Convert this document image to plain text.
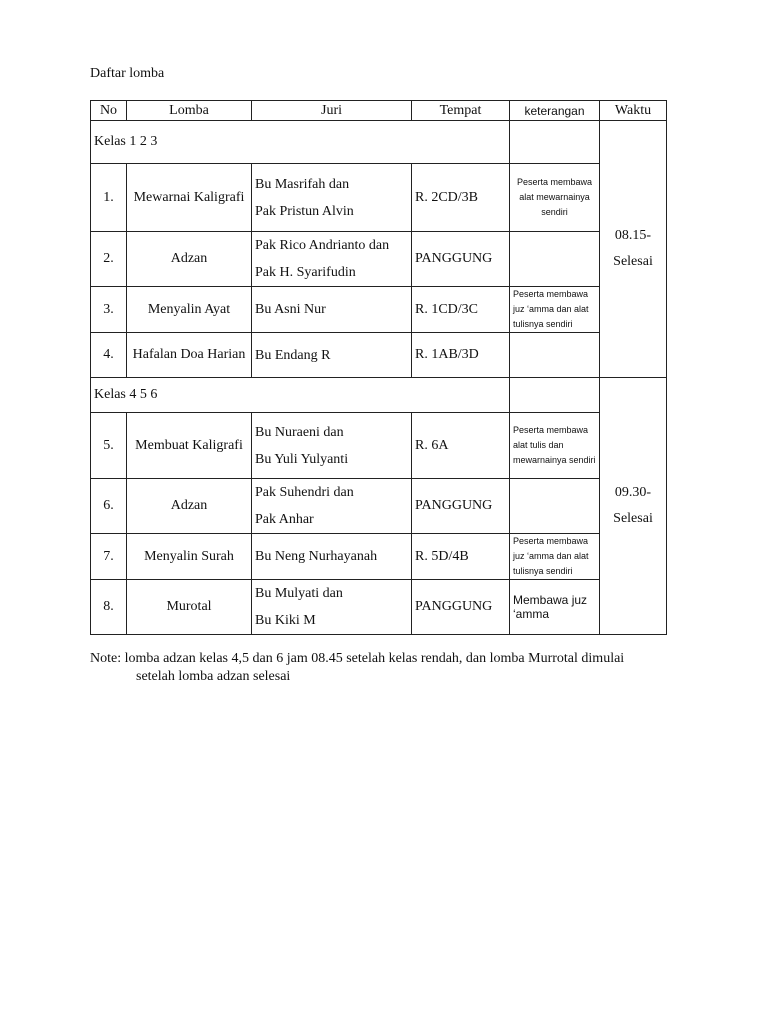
Daftar lomba
No	Lomba	Juri	Tempat	keterangan	Waktu
Kelas 1 2 3					08.15-
Selesai
1.	Mewarnai Kaligrafi	Bu Masrifah dan
Pak Pristun Alvin	R. 2CD/3B	Peserta membawa alat mewarnainya sendiri	
2.	Adzan	Pak Rico Andrianto dan
Pak H. Syarifudin	PANGGUNG		
3.	Menyalin Ayat	Bu Asni Nur	R. 1CD/3C	Peserta membawa juz ‘amma dan alat tulisnya sendiri	
4.	Hafalan Doa Harian	Bu Endang R	R. 1AB/3D		
Kelas 4 5 6					09.30-
Selesai
5.	Membuat Kaligrafi	Bu Nuraeni dan
Bu Yuli Yulyanti	R. 6A	Peserta membawa alat tulis dan mewarnainya sendiri	
6.	Adzan	Pak Suhendri dan
Pak Anhar	PANGGUNG		
7.	Menyalin Surah	Bu Neng Nurhayanah	R. 5D/4B	Peserta membawa juz ‘amma dan alat tulisnya sendiri	
8.	Murotal	Bu Mulyati dan
Bu Kiki M	PANGGUNG	Membawa juz ‘amma	
Note: lomba adzan kelas 4,5 dan 6 jam 08.45 setelah kelas rendah, dan lomba Murrotal dimulai
setelah lomba adzan selesai
